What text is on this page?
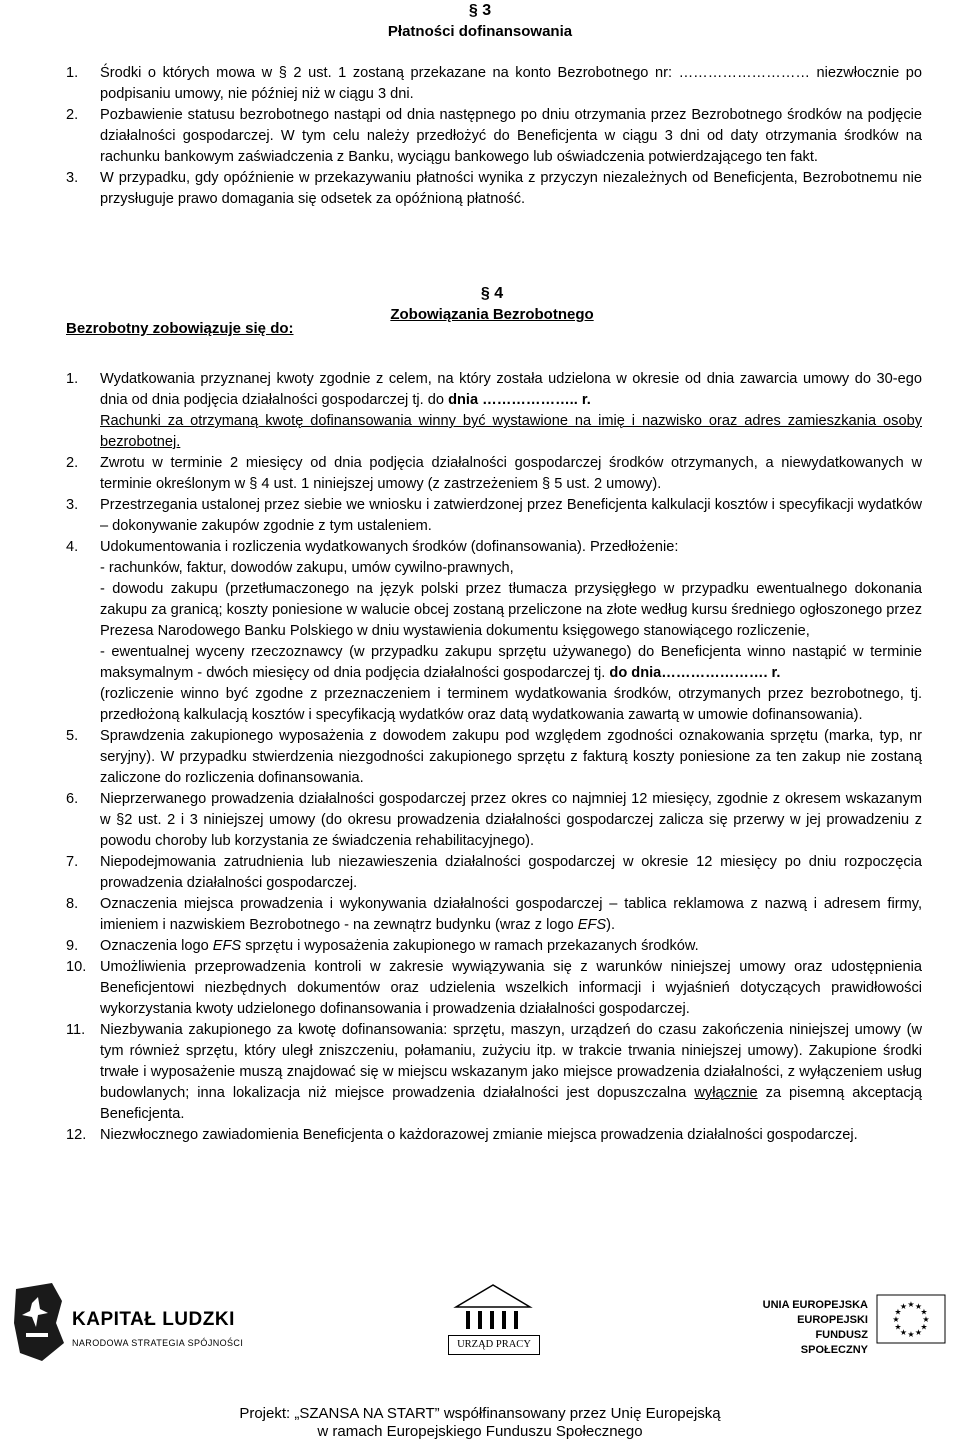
§ 3
Płatności dofinansowania
1. Środki o których mowa w § 2 ust. 1 zostaną przekazane na konto Bezrobotnego nr: ……………………… niezwłocznie po podpisaniu umowy, nie później niż w ciągu 3 dni.

2. Pozbawienie statusu bezrobotnego nastąpi od dnia następnego po dniu otrzymania przez Bezrobotnego środków na podjęcie działalności gospodarczej. W tym celu należy przedłożyć do Beneficjenta w ciągu 3 dni od daty otrzymania środków na rachunku bankowym zaświadczenia z Banku, wyciągu bankowego lub oświadczenia potwierdzającego ten fakt.

3. W przypadku, gdy opóźnienie w przekazywaniu płatności wynika z przyczyn niezależnych od Beneficjenta, Bezrobotnemu nie przysługuje prawo domagania się odsetek za opóźnioną płatność.

§ 4
Zobowiązania Bezrobotnego
Bezrobotny zobowiązuje się do:
1. Wydatkowania przyznanej kwoty zgodnie z celem, na który została udzielona w okresie od dnia zawarcia umowy do 30-ego dnia od dnia podjęcia działalności gospodarczej tj. do dnia ……………….. r.

Rachunki za otrzymaną kwotę dofinansowania winny być wystawione na imię i nazwisko oraz adres zamieszkania osoby bezrobotnej.

2. Zwrotu w terminie 2 miesięcy od dnia podjęcia działalności gospodarczej środków otrzymanych, a niewydatkowanych w terminie określonym w § 4 ust. 1 niniejszej umowy (z zastrzeżeniem § 5 ust. 2 umowy).

3. Przestrzegania ustalonej przez siebie we wniosku i zatwierdzonej przez Beneficjenta kalkulacji kosztów i specyfikacji wydatków – dokonywanie zakupów zgodnie z tym ustaleniem.

4. Udokumentowania i rozliczenia wydatkowanych środków (dofinansowania). Przedłożenie:

- rachunków, faktur, dowodów zakupu, umów cywilno-prawnych,

- dowodu zakupu (przetłumaczonego na język polski przez tłumacza przysięgłego w przypadku ewentualnego dokonania zakupu za granicą; koszty poniesione w walucie obcej zostaną przeliczone na złote według kursu średniego ogłoszonego przez Prezesa Narodowego Banku Polskiego w dniu wystawienia dokumentu księgowego stanowiącego rozliczenie,

- ewentualnej wyceny rzeczoznawcy (w przypadku zakupu sprzętu używanego) do Beneficjenta winno nastąpić w terminie maksymalnym - dwóch miesięcy od dnia podjęcia działalności gospodarczej tj. do dnia…………………. r.

(rozliczenie winno być zgodne z przeznaczeniem i terminem wydatkowania środków, otrzymanych przez bezrobotnego, tj. przedłożoną kalkulacją kosztów i specyfikacją wydatków oraz datą wydatkowania zawartą w umowie dofinansowania).

5. Sprawdzenia zakupionego wyposażenia z dowodem zakupu pod względem zgodności oznakowania sprzętu (marka, typ, nr seryjny). W przypadku stwierdzenia niezgodności zakupionego sprzętu z fakturą koszty poniesione za ten zakup nie zostaną zaliczone do rozliczenia dofinansowania.

6. Nieprzerwanego prowadzenia działalności gospodarczej przez okres co najmniej 12 miesięcy, zgodnie z okresem wskazanym w §2 ust. 2 i 3 niniejszej umowy (do okresu prowadzenia działalności gospodarczej zalicza się przerwy w jej prowadzeniu z powodu choroby lub korzystania ze świadczenia rehabilitacyjnego).

7. Niepodejmowania zatrudnienia lub niezawieszenia działalności gospodarczej w okresie 12 miesięcy po dniu rozpoczęcia prowadzenia działalności gospodarczej.

8. Oznaczenia miejsca prowadzenia i wykonywania działalności gospodarczej – tablica reklamowa z nazwą i adresem firmy, imieniem i nazwiskiem Bezrobotnego - na zewnątrz budynku (wraz z logo EFS).

9. Oznaczenia logo EFS sprzętu i wyposażenia zakupionego w ramach przekazanych środków.

10. Umożliwienia przeprowadzenia kontroli w zakresie wywiązywania się z warunków niniejszej umowy oraz udostępnienia Beneficjentowi niezbędnych dokumentów oraz udzielenia wszelkich informacji i wyjaśnień dotyczących prawidłowości wykorzystania kwoty udzielonego dofinansowania i prowadzenia działalności gospodarczej.

11. Niezbywania zakupionego za kwotę dofinansowania: sprzętu, maszyn, urządzeń do czasu zakończenia niniejszej umowy (w tym również sprzętu, który uległ zniszczeniu, połamaniu, zużyciu itp. w trakcie trwania niniejszej umowy). Zakupione środki trwałe i wyposażenie muszą znajdować się w miejscu wskazanym jako miejsce prowadzenia działalności, z wyłączeniem usług budowlanych; inna lokalizacja niż miejsce prowadzenia działalności jest dopuszczalna wyłącznie za pisemną akceptacją Beneficjenta.

12. Niezwłocznego zawiadomienia Beneficjenta o każdorazowej zmianie miejsca prowadzenia działalności gospodarczej.

KAPITAŁ LUDZKI
NARODOWA STRATEGIA SPÓJNOŚCI	URZĄD PRACY
UNIA EUROPEJSKA
EUROPEJSKI
FUNDUSZ SPOŁECZNY
★
★
★
★
★
★
★
★
★ ★ ★
★
Projekt: „SZANSA NA START” współfinansowany przez Unię Europejską
w ramach Europejskiego Funduszu Społecznego
